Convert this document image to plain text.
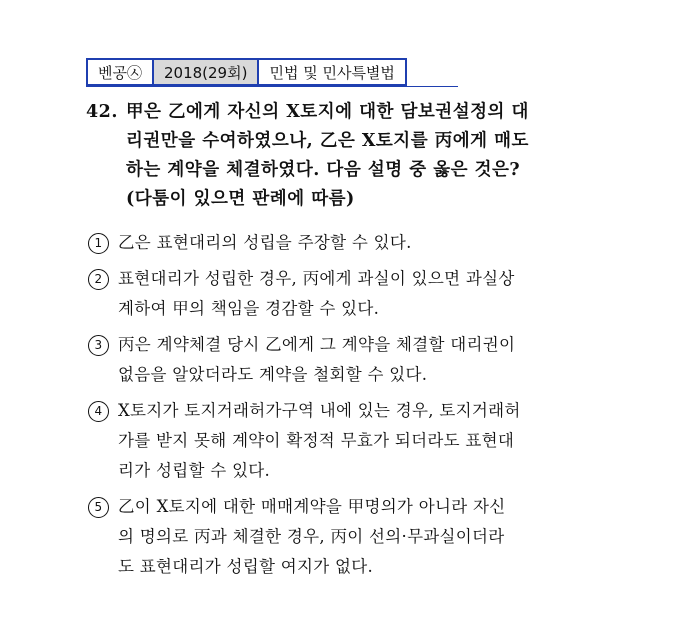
벤공㉦	2018(29회)	민법 및 민사특별법
42. 甲은 乙에게 자신의 X토지에 대한 담보권설정의 대
리권만을 수여하였으나, 乙은 X토지를 丙에게 매도
하는 계약을 체결하였다. 다음 설명 중 옳은 것은?
(다툼이 있으면 판례에 따름)
1 乙은 표현대리의 성립을 주장할 수 있다.
2 표현대리가 성립한 경우, 丙에게 과실이 있으면 과실상
계하여 甲의 책임을 경감할 수 있다.
3 丙은 계약체결 당시 乙에게 그 계약을 체결할 대리권이
없음을 알았더라도 계약을 철회할 수 있다.
4 X토지가 토지거래허가구역 내에 있는 경우, 토지거래허
가를 받지 못해 계약이 확정적 무효가 되더라도 표현대
리가 성립할 수 있다.
5 乙이 X토지에 대한 매매계약을 甲명의가 아니라 자신
의 명의로 丙과 체결한 경우, 丙이 선의·무과실이더라
도 표현대리가 성립할 여지가 없다.
